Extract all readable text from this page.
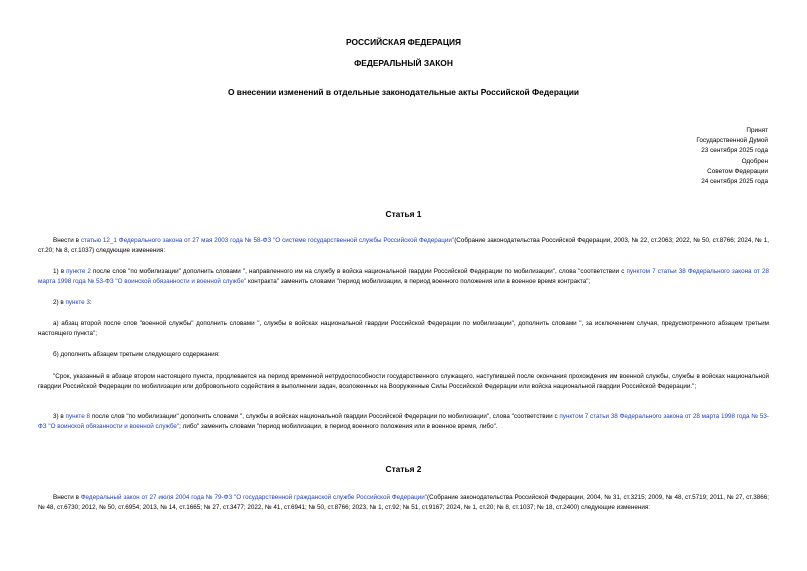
РОССИЙСКАЯ ФЕДЕРАЦИЯ
ФЕДЕРАЛЬНЫЙ ЗАКОН
О внесении изменений в отдельные законодательные акты Российской Федерации
Принят
Государственной Думой
23 сентября 2025 года
Одобрен
Советом Федерации
24 сентября 2025 года
Статья 1

Внести в статью 12_1 Федерального закона от 27 мая 2003 года № 58-ФЗ "О системе государственной службы Российской Федерации"(Собрание законодательства Российской Федерации, 2003, № 22, ст.2063; 2022, № 50, ст.8766; 2024, № 1, ст.20; № 8, ст.1037) следующие изменения:

1) в пункте 2 после слов "по мобилизации" дополнить словами ", направленного им на службу в войска национальной гвардии Российской Федерации по мобилизации", слова "соответствии с пунктом 7 статьи 38 Федерального закона от 28 марта 1998 года № 53-ФЗ "О воинской обязанности и военной службе" контракта" заменить словами "период мобилизации, в период военного положения или в военное время контракта";

2) в пункте 3:

а) абзац второй после слов "военной службы" дополнить словами ", службы в войсках национальной гвардии Российской Федерации по мобилизации", дополнить словами ", за исключением случая, предусмотренного абзацем третьим настоящего пункта";

б) дополнить абзацем третьим следующего содержания:

"Срок, указанный в абзаце втором настоящего пункта, продлевается на период временной нетрудоспособности государственного служащего, наступившей после окончания прохождения им военной службы, службы в войсках национальной гвардии Российской Федерации по мобилизации или добровольного содействия в выполнении задач, возложенных на Вооруженные Силы Российской Федерации или войска национальной гвардии Российской Федерации.";

3) в пункте 8 после слов "по мобилизации" дополнить словами ", службы в войсках национальной гвардии Российской Федерации по мобилизации", слова "соответствии с пунктом 7 статьи 38 Федерального закона от 28 марта 1998 года № 53-ФЗ "О воинской обязанности и военной службе"; либо" заменить словами "период мобилизации, в период военного положения или в военное время, либо".

Статья 2

Внести в Федеральный закон от 27 июля 2004 года № 79-ФЗ "О государственной гражданской службе Российской Федерации"(Собрание законодательства Российской Федерации, 2004, № 31, ст.3215; 2009, № 48, ст.5719; 2011, № 27, ст.3866; № 48, ст.6730; 2012, № 50, ст.6954; 2013, № 14, ст.1665; № 27, ст.3477; 2022, № 41, ст.6941; № 50, ст.8766; 2023, № 1, ст.92; № 51, ст.9167; 2024, № 1, ст.20; № 8, ст.1037; № 18, ст.2400) следующие изменения:
